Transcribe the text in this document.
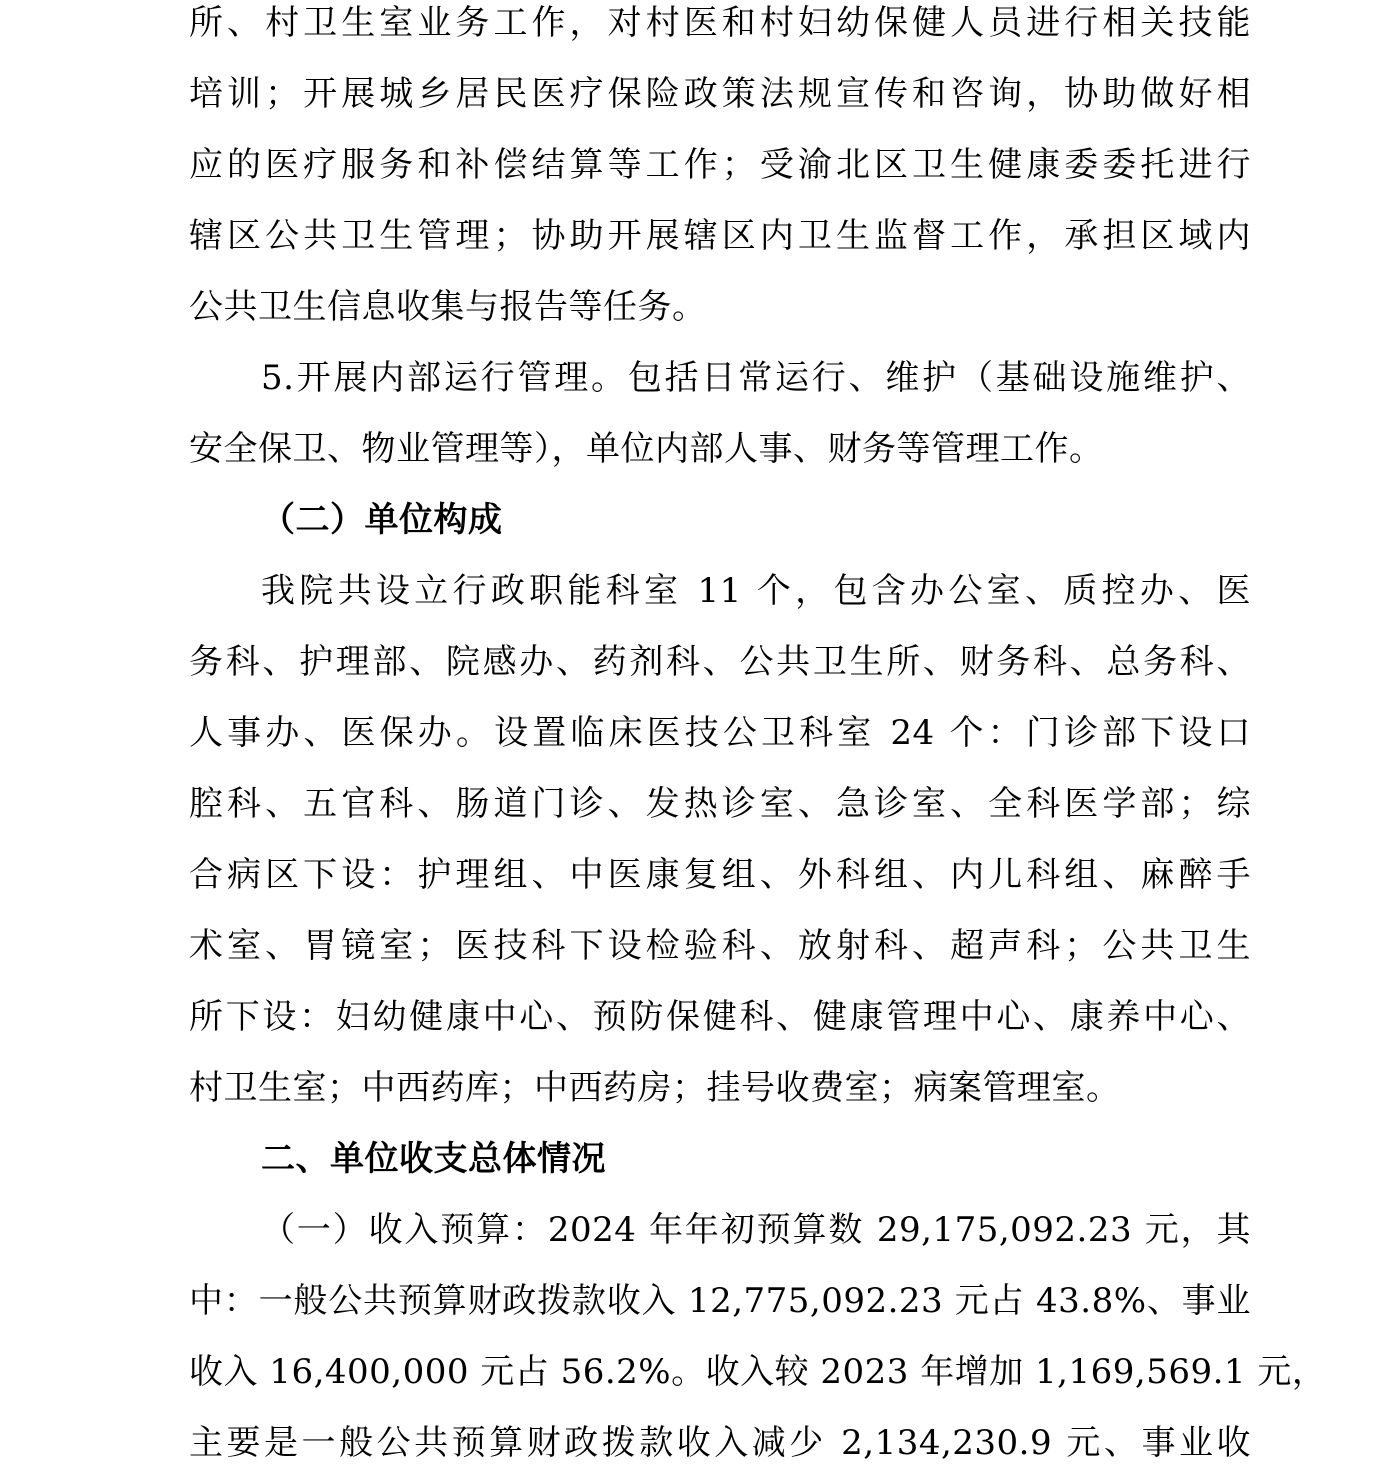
所、村卫生室业务工作，对村医和村妇幼保健人员进行相关技能
培训；开展城乡居民医疗保险政策法规宣传和咨询，协助做好相
应的医疗服务和补偿结算等工作；受渝北区卫生健康委委托进行
辖区公共卫生管理；协助开展辖区内卫生监督工作，承担区域内
公共卫生信息收集与报告等任务。
5.开展内部运行管理。包括日常运行、维护（基础设施维护、
安全保卫、物业管理等），单位内部人事、财务等管理工作。
（二）单位构成
我院共设立行政职能科室 11 个，包含办公室、质控办、医
务科、护理部、院感办、药剂科、公共卫生所、财务科、总务科、
人事办、医保办。设置临床医技公卫科室 24 个：门诊部下设口
腔科、五官科、肠道门诊、发热诊室、急诊室、全科医学部；综
合病区下设：护理组、中医康复组、外科组、内儿科组、麻醉手
术室、胃镜室；医技科下设检验科、放射科、超声科；公共卫生
所下设：妇幼健康中心、预防保健科、健康管理中心、康养中心、
村卫生室；中西药库；中西药房；挂号收费室；病案管理室。
二、单位收支总体情况
（一）收入预算：2024 年年初预算数 29,175,092.23 元，其
中：一般公共预算财政拨款收入 12,775,092.23 元占 43.8%、事业
收入 16,400,000 元占 56.2%。收入较 2023 年增加 1,169,569.1 元，
主要是一般公共预算财政拨款收入减少 2,134,230.9 元、事业收
